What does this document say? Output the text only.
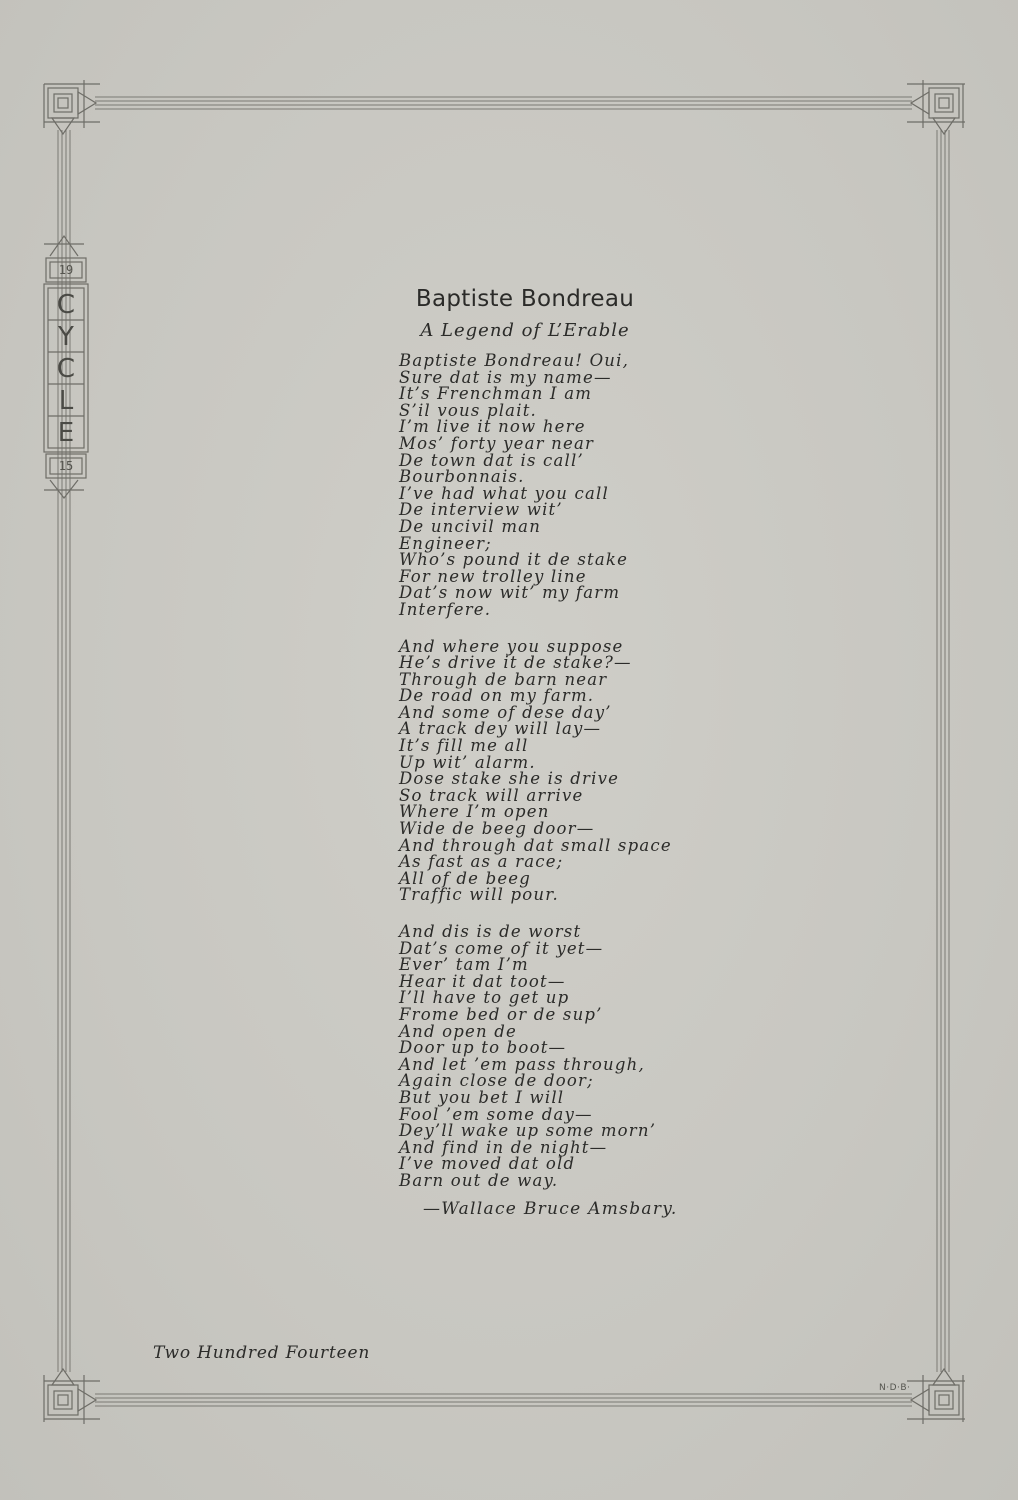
19
C
Y
C
L
E
15
Baptiste Bondreau
A Legend of L’Erable
Baptiste Bondreau! Oui,
Sure dat is my name—
It’s Frenchman I am
S’il vous plait.
I’m live it now here
Mos’ forty year near
De town dat is call’
Bourbonnais.
I’ve had what you call
De interview wit’
De uncivil man
Engineer;
Who’s pound it de stake
For new trolley line
Dat’s now wit’ my farm
Interfere.
And where you suppose
He’s drive it de stake?—
Through de barn near
De road on my farm.
And some of dese day’
A track dey will lay—
It’s fill me all
Up wit’ alarm.
Dose stake she is drive
So track will arrive
Where I’m open
Wide de beeg door—
And through dat small space
As fast as a race;
All of de beeg
Traffic will pour.
And dis is de worst
Dat’s come of it yet—
Ever’ tam I’m
Hear it dat toot—
I’ll have to get up
Frome bed or de sup’
And open de
Door up to boot—
And let ’em pass through,
Again close de door;
But you bet I will
Fool ’em some day—
Dey’ll wake up some morn’
And find in de night—
I’ve moved dat old
Barn out de way.
—Wallace Bruce Amsbary.
Two Hundred Fourteen
N·D·B·
